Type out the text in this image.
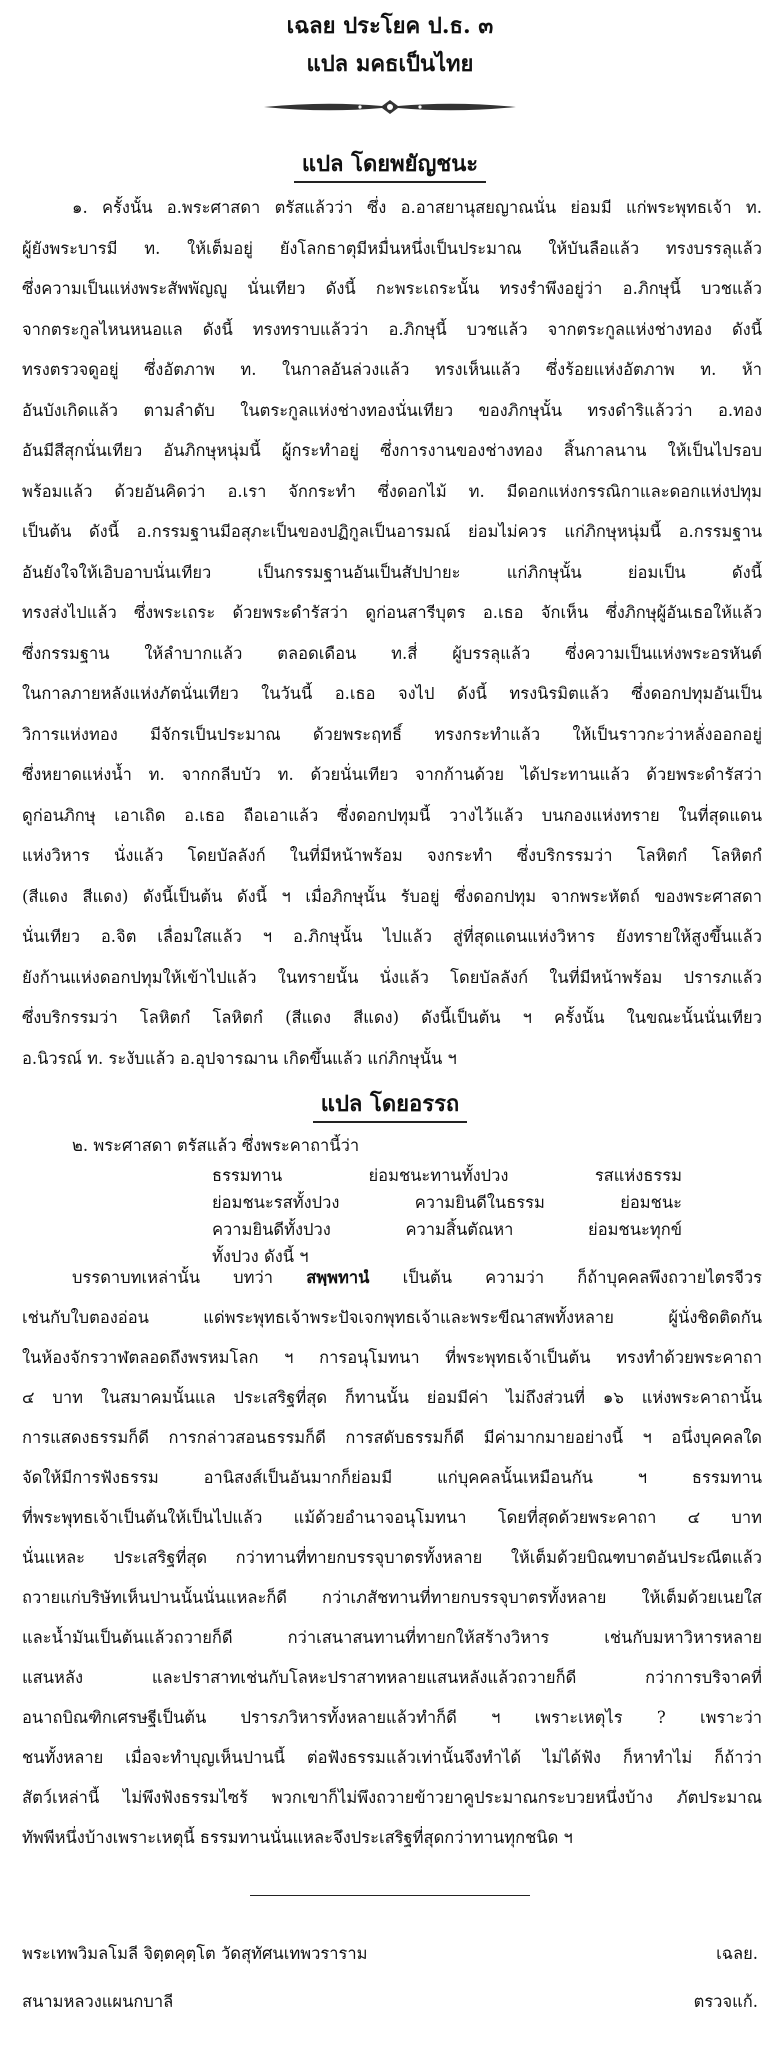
เฉลย ประโยค ป.ธ. ๓
แปล มคธเป็นไทย
แปล โดยพยัญชนะ
๑. ครั้งนั้น อ.พระศาสดา ตรัสแล้วว่า ซึ่ง อ.อาสยานุสยญาณนั่น ย่อมมี แก่พระพุทธเจ้า ท.
ผู้ยังพระบารมี ท. ให้เต็มอยู่ ยังโลกธาตุมีหมื่นหนึ่งเป็นประมาณ ให้บันลือแล้ว ทรงบรรลุแล้ว
ซึ่งความเป็นแห่งพระสัพพัญญู นั่นเทียว ดังนี้ กะพระเถระนั้น ทรงรำพึงอยู่ว่า อ.ภิกษุนี้ บวชแล้ว
จากตระกูลไหนหนอแล ดังนี้ ทรงทราบแล้วว่า อ.ภิกษุนี้ บวชแล้ว จากตระกูลแห่งช่างทอง ดังนี้
ทรงตรวจดูอยู่ ซึ่งอัตภาพ ท. ในกาลอันล่วงแล้ว ทรงเห็นแล้ว ซึ่งร้อยแห่งอัตภาพ ท. ห้า
อันบังเกิดแล้ว ตามลำดับ ในตระกูลแห่งช่างทองนั่นเทียว ของภิกษุนั้น ทรงดำริแล้วว่า อ.ทอง
อันมีสีสุกนั่นเทียว อันภิกษุหนุ่มนี้ ผู้กระทำอยู่ ซึ่งการงานของช่างทอง สิ้นกาลนาน ให้เป็นไปรอบ
พร้อมแล้ว ด้วยอันคิดว่า อ.เรา จักกระทำ ซึ่งดอกไม้ ท. มีดอกแห่งกรรณิกาและดอกแห่งปทุม
เป็นต้น ดังนี้ อ.กรรมฐานมีอสุภะเป็นของปฏิกูลเป็นอารมณ์ ย่อมไม่ควร แก่ภิกษุหนุ่มนี้ อ.กรรมฐาน
อันยังใจให้เอิบอาบนั่นเทียว เป็นกรรมฐานอันเป็นสัปปายะ แก่ภิกษุนั้น ย่อมเป็น ดังนี้
ทรงส่งไปแล้ว ซึ่งพระเถระ ด้วยพระดำรัสว่า ดูก่อนสารีบุตร อ.เธอ จักเห็น ซึ่งภิกษุผู้อันเธอให้แล้ว
ซึ่งกรรมฐาน ให้ลำบากแล้ว ตลอดเดือน ท.สี่ ผู้บรรลุแล้ว ซึ่งความเป็นแห่งพระอรหันต์
ในกาลภายหลังแห่งภัตนั่นเทียว ในวันนี้ อ.เธอ จงไป ดังนี้ ทรงนิรมิตแล้ว ซึ่งดอกปทุมอันเป็น
วิการแห่งทอง มีจักรเป็นประมาณ ด้วยพระฤทธิ์ ทรงกระทำแล้ว ให้เป็นราวกะว่าหลั่งออกอยู่
ซึ่งหยาดแห่งน้ำ ท. จากกลีบบัว ท. ด้วยนั่นเทียว จากก้านด้วย ได้ประทานแล้ว ด้วยพระดำรัสว่า
ดูก่อนภิกษุ เอาเถิด อ.เธอ ถือเอาแล้ว ซึ่งดอกปทุมนี้ วางไว้แล้ว บนกองแห่งทราย ในที่สุดแดน
แห่งวิหาร นั่งแล้ว โดยบัลลังก์ ในที่มีหน้าพร้อม จงกระทำ ซึ่งบริกรรมว่า โลหิตกํ โลหิตกํ
(สีแดง สีแดง) ดังนี้เป็นต้น ดังนี้ ฯ เมื่อภิกษุนั้น รับอยู่ ซึ่งดอกปทุม จากพระหัตถ์ ของพระศาสดา
นั่นเทียว อ.จิต เลื่อมใสแล้ว ฯ อ.ภิกษุนั้น ไปแล้ว สู่ที่สุดแดนแห่งวิหาร ยังทรายให้สูงขึ้นแล้ว
ยังก้านแห่งดอกปทุมให้เข้าไปแล้ว ในทรายนั้น นั่งแล้ว โดยบัลลังก์ ในที่มีหน้าพร้อม ปรารภแล้ว
ซึ่งบริกรรมว่า โลหิตกํ โลหิตกํ (สีแดง สีแดง) ดังนี้เป็นต้น ฯ ครั้งนั้น ในขณะนั้นนั่นเทียว
อ.นิวรณ์ ท. ระงับแล้ว อ.อุปจารฌาน เกิดขึ้นแล้ว แก่ภิกษุนั้น ฯ
แปล โดยอรรถ
๒. พระศาสดา ตรัสแล้ว ซึ่งพระคาถานี้ว่า
ธรรมทาน ย่อมชนะทานทั้งปวง รสแห่งธรรม
ย่อมชนะรสทั้งปวง ความยินดีในธรรม ย่อมชนะ
ความยินดีทั้งปวง ความสิ้นตัณหา ย่อมชนะทุกข์
ทั้งปวง ดังนี้ ฯ
บรรดาบทเหล่านั้น บทว่า สพฺพทานํ เป็นต้น ความว่า ก็ถ้าบุคคลพึงถวายไตรจีวร
เช่นกับใบตองอ่อน แด่พระพุทธเจ้าพระปัจเจกพุทธเจ้าและพระขีณาสพทั้งหลาย ผู้นั่งชิดติดกัน
ในห้องจักรวาฬตลอดถึงพรหมโลก ฯ การอนุโมทนา ที่พระพุทธเจ้าเป็นต้น ทรงทำด้วยพระคาถา
๔ บาท ในสมาคมนั้นแล ประเสริฐที่สุด ก็ทานนั้น ย่อมมีค่า ไม่ถึงส่วนที่ ๑๖ แห่งพระคาถานั้น
การแสดงธรรมก็ดี การกล่าวสอนธรรมก็ดี การสดับธรรมก็ดี มีค่ามากมายอย่างนี้ ฯ อนึ่งบุคคลใด
จัดให้มีการฟังธรรม อานิสงส์เป็นอันมากก็ย่อมมี แก่บุคคลนั้นเหมือนกัน ฯ ธรรมทาน
ที่พระพุทธเจ้าเป็นต้นให้เป็นไปแล้ว แม้ด้วยอำนาจอนุโมทนา โดยที่สุดด้วยพระคาถา ๔ บาท
นั่นแหละ ประเสริฐที่สุด กว่าทานที่ทายกบรรจุบาตรทั้งหลาย ให้เต็มด้วยบิณฑบาตอันประณีตแล้ว
ถวายแก่บริษัทเห็นปานนั้นนั่นแหละก็ดี กว่าเภสัชทานที่ทายกบรรจุบาตรทั้งหลาย ให้เต็มด้วยเนยใส
และน้ำมันเป็นต้นแล้วถวายก็ดี กว่าเสนาสนทานที่ทายกให้สร้างวิหาร เช่นกับมหาวิหารหลาย
แสนหลัง และปราสาทเช่นกับโลหะปราสาทหลายแสนหลังแล้วถวายก็ดี กว่าการบริจาคที่
อนาถบิณฑิกเศรษฐีเป็นต้น ปรารภวิหารทั้งหลายแล้วทำก็ดี ฯ เพราะเหตุไร ? เพราะว่า
ชนทั้งหลาย เมื่อจะทำบุญเห็นปานนี้ ต่อฟังธรรมแล้วเท่านั้นจึงทำได้ ไม่ได้ฟัง ก็หาทำไม่ ก็ถ้าว่า
สัตว์เหล่านี้ ไม่พึงฟังธรรมไซร้ พวกเขาก็ไม่พึงถวายข้าวยาคูประมาณกระบวยหนึ่งบ้าง ภัตประมาณ
ทัพพีหนึ่งบ้างเพราะเหตุนี้ ธรรมทานนั่นแหละจึงประเสริฐที่สุดกว่าทานทุกชนิด ฯ
พระเทพวิมลโมลี จิตฺตคุตฺโต วัดสุทัศนเทพวราราม
สนามหลวงแผนกบาลี
เฉลย.
ตรวจแก้.
